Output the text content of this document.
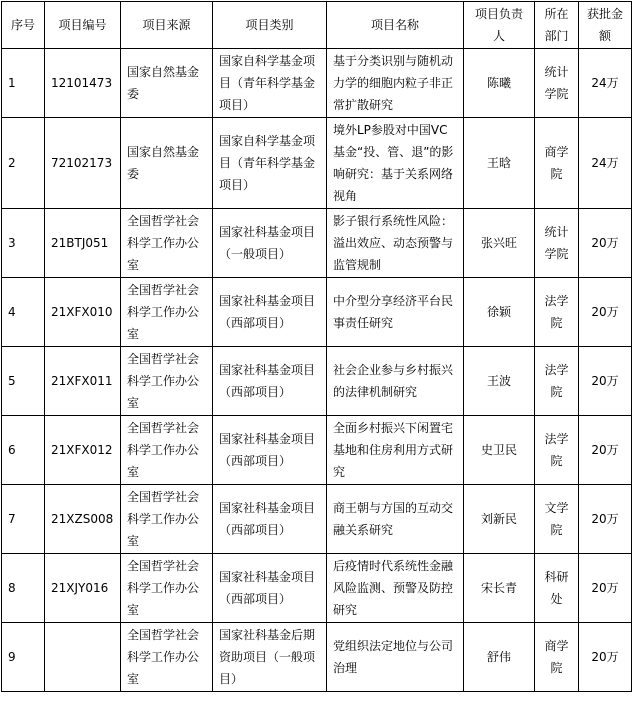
序号	项目编号	项目来源	项目类别	项目名称	项目负责人	所在部门	获批金额
1	12101473	国家自然基金委	国家自科学基金项目（青年科学基金项目）	基于分类识别与随机动力学的细胞内粒子非正常扩散研究	陈曦	统计学院	24万
2	72102173	国家自然基金委	国家自科学基金项目（青年科学基金项目）	境外LP参股对中国VC基金“投、管、退”的影响研究：基于关系网络视角	王晗	商学院	24万
3	21BTJ051	全国哲学社会科学工作办公室	国家社科基金项目（一般项目）	影子银行系统性风险：溢出效应、动态预警与监管规制	张兴旺	统计学院	20万
4	21XFX010	全国哲学社会科学工作办公室	国家社科基金项目（西部项目）	中介型分享经济平台民事责任研究	徐颖	法学院	20万
5	21XFX011	全国哲学社会科学工作办公室	国家社科基金项目（西部项目）	社会企业参与乡村振兴的法律机制研究	王波	法学院	20万
6	21XFX012	全国哲学社会科学工作办公室	国家社科基金项目（西部项目）	全面乡村振兴下闲置宅基地和住房利用方式研究	史卫民	法学院	20万
7	21XZS008	全国哲学社会科学工作办公室	国家社科基金项目（西部项目）	商王朝与方国的互动交融关系研究	刘新民	文学院	20万
8	21XJY016	全国哲学社会科学工作办公室	国家社科基金项目（西部项目）	后疫情时代系统性金融风险监测、预警及防控研究	宋长青	科研处	20万
9		全国哲学社会科学工作办公室	国家社科基金后期资助项目（一般项目）	党组织法定地位与公司治理	舒伟	商学院	20万
